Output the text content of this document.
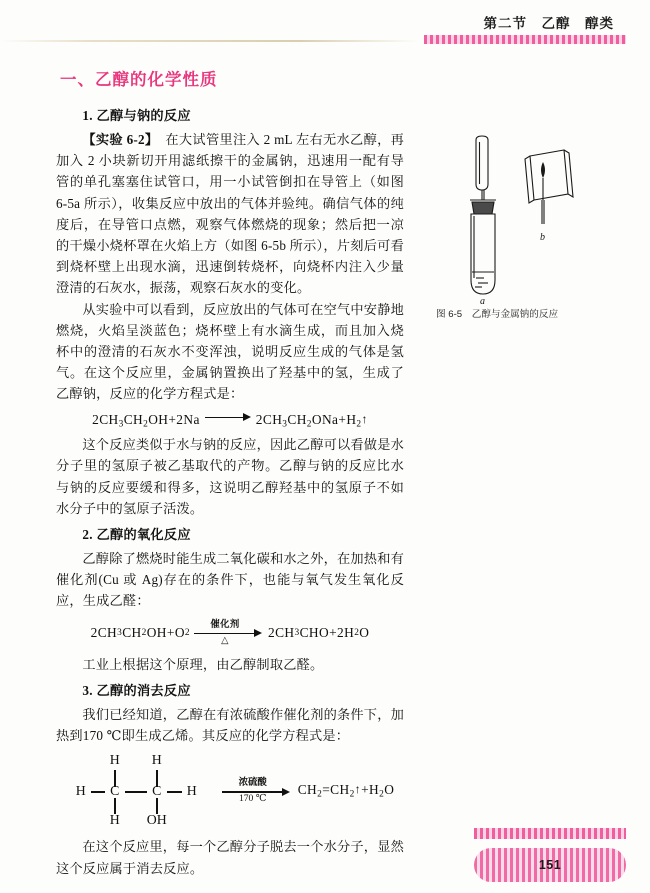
第二节　乙醇　醇类
一、乙醇的化学性质
a
b
图 6-5　乙醇与金属钠的反应
1. 乙醇与钠的反应

【实验 6-2】　 在大试管里注入 2 mL 左右无水乙醇，再加入 2 小块新切开用滤纸擦干的金属钠，迅速用一配有导管的单孔塞塞住试管口，用一小试管倒扣在导管上（如图 6-5a 所示），收集反应中放出的气体并验纯。确信气体的纯度后，在导管口点燃，观察气体燃烧的现象；然后把一凉的干燥小烧杯罩在火焰上方（如图 6-5b 所示），片刻后可看到烧杯壁上出现水滴，迅速倒转烧杯，向烧杯内注入少量澄清的石灰水，振荡，观察石灰水的变化。

从实验中可以看到，反应放出的气体可在空气中安静地燃烧，火焰呈淡蓝色；烧杯壁上有水滴生成，而且加入烧杯中的澄清的石灰水不变浑浊，说明反应生成的气体是氢气。在这个反应里，金属钠置换出了羟基中的氢，生成了乙醇钠，反应的化学方程式是：

$2CH_3CH_2OH+2Na$	$2CH_3CH_2ONa+H_2↑$

这个反应类似于水与钠的反应，因此乙醇可以看做是水分子里的氢原子被乙基取代的产物。乙醇与钠的反应比水与钠的反应要缓和得多，这说明乙醇羟基中的氢原子不如水分子中的氢原子活泼。

2. 乙醇的氧化反应

乙醇除了燃烧时能生成二氧化碳和水之外，在加热和有催化剂(Cu 或 Ag)存在的条件下，也能与氧气发生氧化反应，生成乙醛：

2CH 3 CH 2 OH + O 2
催化剂
△
2CH 3 CHO + 2H 2 O

工业上根据这个原理，由乙醇制取乙醛。

3. 乙醇的消去反应

我们已经知道，乙醇在有浓硫酸作催化剂的条件下，加热到170 ℃即生成乙烯。其反应的化学方程式是：

H H
H	C	C	H
H	OH
浓硫酸
170 ℃
$CH_2=CH_2↑+H_2O$

在这个反应里，每一个乙醇分子脱去一个水分子，显然这个反应属于消去反应。	151
